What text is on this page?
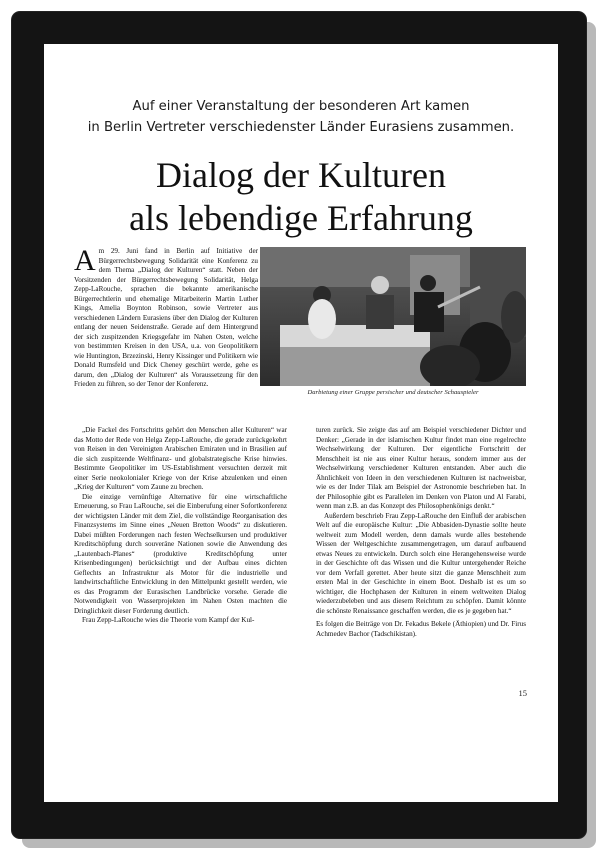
Auf einer Veranstaltung der besonderen Art kamen
in Berlin Vertreter verschiedenster Länder Eurasiens zusammen.
Dialog der Kulturen
als lebendige Erfahrung
A m 29. Juni fand in Berlin auf Initiative der Bürgerrechtsbewegung Solidarität eine Konferenz zu dem Thema „Dialog der Kulturen“ statt. Neben der Vorsitzenden der Bürgerrechtsbewegung Solidarität, Helga Zepp-LaRouche, sprachen die bekannte amerikanische Bürgerrechtlerin und ehemalige Mitarbeiterin Martin Luther Kings, Amelia Boynton Robinson, sowie Vertreter aus verschiedenen Ländern Eurasiens über den Dialog der Kulturen entlang der neuen Seidenstraße. Gerade auf dem Hintergrund der sich zuspitzenden Kriegsgefahr im Nahen Osten, welche von bestimmten Kreisen in den USA, u.a. von Geopolitikern wie Huntington, Brzezinski, Henry Kissinger und Politikern wie Donald Rumsfeld und Dick Cheney geschürt werde, gehe es darum, den „Dialog der Kulturen“ als Voraussetzung für den Frieden zu führen, so der Tenor der Konferenz.

Darbietung einer Gruppe persischer und deutscher Schauspieler

„Die Fackel des Fortschritts gehört den Menschen aller Kulturen“ war das Motto der Rede von Helga Zepp-LaRouche, die gerade zurückgekehrt von Reisen in den Vereinigten Arabischen Emiraten und in Brasilien auf die sich zuspitzende Weltfinanz- und globalstrategische Krise hinwies. Bestimmte Geopolitiker im US-Establishment versuchten derzeit mit einer Serie neokolonialer Kriege von der Krise abzulenken und einen „Krieg der Kulturen“ vom Zaune zu brechen.

Die einzige vernünftige Alternative für eine wirtschaftliche Erneuerung, so Frau LaRouche, sei die Einberufung einer Sofortkonferenz der wichtigsten Länder mit dem Ziel, die vollständige Reorganisation des Finanzsystems im Sinne eines „Neuen Bretton Woods“ zu diskutieren. Dabei müßten Forderungen nach festen Wechselkursen und produktiver Kreditschöpfung durch souveräne Nationen sowie die Anwendung des „Lautenbach-Planes“ (produktive Kreditschöpfung unter Krisenbedingungen) berücksichtigt und der Aufbau eines dichten Geflechts an Infrastruktur als Motor für die industrielle und landwirtschaftliche Entwicklung in den Mittelpunkt gestellt werden, wie es das Programm der Eurasischen Landbrücke vorsehe. Gerade die Notwendigkeit von Wasserprojekten im Nahen Osten machten die Dringlichkeit dieser Forderung deutlich.

Frau Zepp-LaRouche wies die Theorie vom Kampf der Kul-

turen zurück. Sie zeigte das auf am Beispiel verschiedener Dichter und Denker: „Gerade in der islamischen Kultur findet man eine regelrechte Wechselwirkung der Kulturen. Der eigentliche Fortschritt der Menschheit ist nie aus einer Kultur heraus, sondern immer aus der Wechselwirkung verschiedener Kulturen entstanden. Aber auch die Ähnlichkeit von Ideen in den verschiedenen Kulturen ist nachweisbar, wie es der Inder Tilak am Beispiel der Astronomie beschrieben hat. In der Philosophie gibt es Parallelen im Denken von Platon und Al Farabi, wenn man z.B. an das Konzept des Philosophenkönigs denkt.“

Außerdem beschrieb Frau Zepp-LaRouche den Einfluß der arabischen Welt auf die europäische Kultur: „Die Abbasiden-Dynastie sollte heute weltweit zum Modell werden, denn damals wurde alles bestehende Wissen der Weltgeschichte zusammengetragen, um darauf aufbauend etwas Neues zu entwickeln. Durch solch eine Herangehensweise wurde in der Geschichte oft das Wissen und die Kultur untergehender Reiche vor dem Verfall gerettet. Aber heute sitzt die ganze Menschheit zum ersten Mal in der Geschichte in einem Boot. Deshalb ist es um so wichtiger, die Hochphasen der Kulturen in einem weltweiten Dialog wiederzubeleben und aus diesem Reichtum zu schöpfen. Damit könnte die schönste Renaissance geschaffen werden, die es je gegeben hat.“

Es folgen die Beiträge von Dr. Fekadus Bekele (Äthiopien) und Dr. Firus Achmedev Bachor (Tadschikistan).

15
